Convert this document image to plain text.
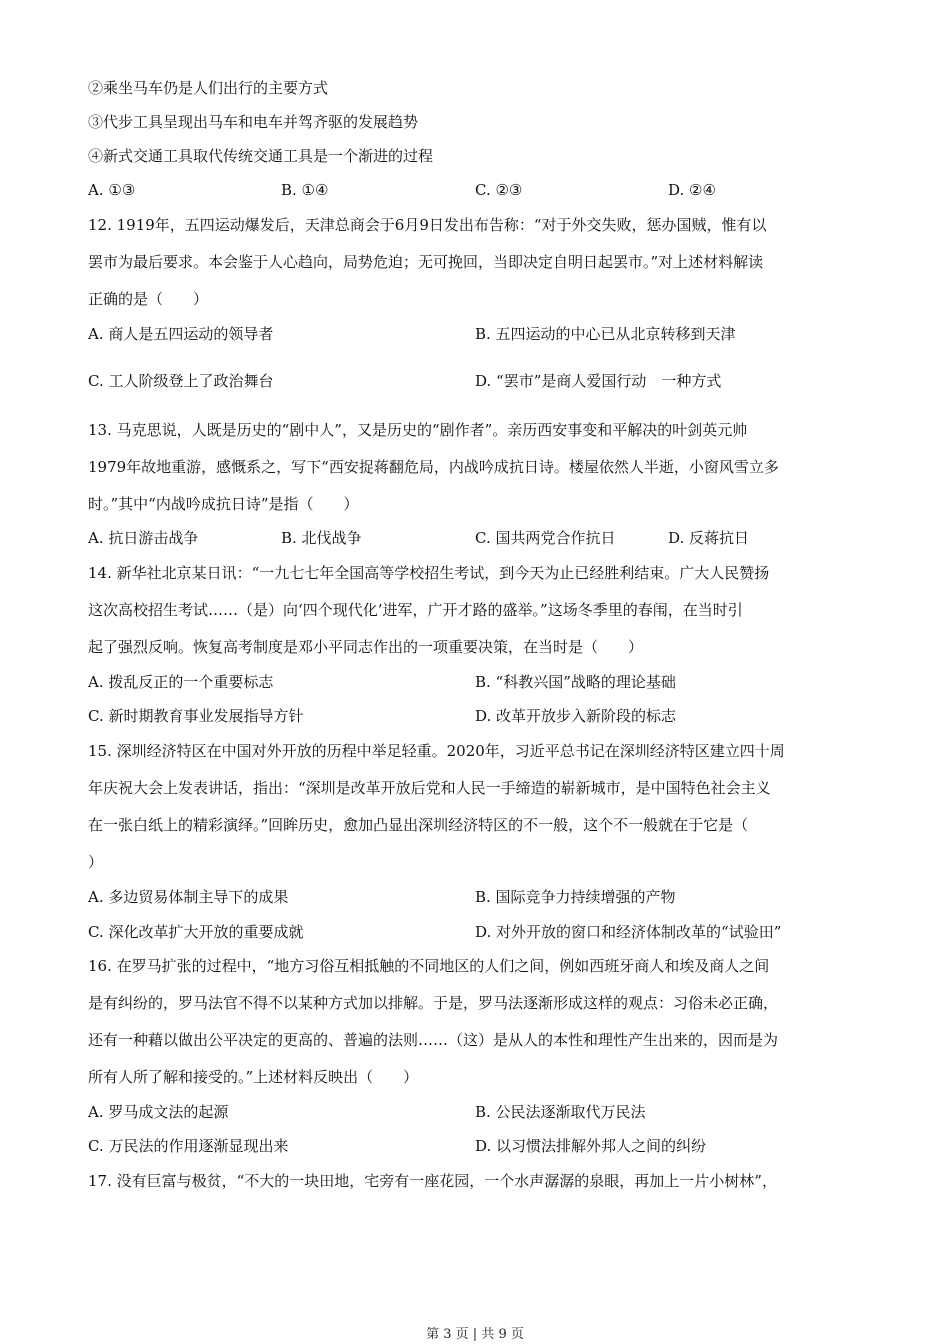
②乘坐马车仍是人们出行的主要方式
③代步工具呈现出马车和电车并驾齐驱的发展趋势
④新式交通工具取代传统交通工具是一个渐进的过程
A. ①③	B. ①④	C. ②③	D. ②④
12. 1919年，五四运动爆发后，天津总商会于6月9日发出布告称：“对于外交失败，惩办国贼，惟有以
罢市为最后要求。本会鉴于人心趋向，局势危迫；无可挽回，当即决定自明日起罢市。”对上述材料解读
正确的是（　　）
A. 商人是五四运动的领导者	B. 五四运动的中心已从北京转移到天津
C. 工人阶级登上了政治舞台	D. “罢市”是商人爱国行动　一种方式
13. 马克思说，人既是历史的“剧中人”，又是历史的“剧作者”。亲历西安事变和平解决的叶剑英元帅
1979年故地重游，感慨系之，写下“西安捉蒋翻危局，内战吟成抗日诗。楼屋依然人半逝，小窗风雪立多
时。”其中“内战吟成抗日诗”是指（　　）
A. 抗日游击战争	B. 北伐战争	C. 国共两党合作抗日	D. 反蒋抗日
14. 新华社北京某日讯：“一九七七年全国高等学校招生考试，到今天为止已经胜利结束。广大人民赞扬
这次高校招生考试……（是）向‘四个现代化’进军，广开才路的盛举。”这场冬季里的春闱，在当时引
起了强烈反响。恢复高考制度是邓小平同志作出的一项重要决策，在当时是（　　）
A. 拨乱反正的一个重要标志	B. “科教兴国”战略的理论基础
C. 新时期教育事业发展指导方针	D. 改革开放步入新阶段的标志
15. 深圳经济特区在中国对外开放的历程中举足轻重。2020年，习近平总书记在深圳经济特区建立四十周
年庆祝大会上发表讲话，指出：“深圳是改革开放后党和人民一手缔造的崭新城市，是中国特色社会主义
在一张白纸上的精彩演绎。”回眸历史，愈加凸显出深圳经济特区的不一般，这个不一般就在于它是（
）
A. 多边贸易体制主导下的成果	B. 国际竞争力持续增强的产物
C. 深化改革扩大开放的重要成就	D. 对外开放的窗口和经济体制改革的“试验田”
16. 在罗马扩张的过程中，“地方习俗互相抵触的不同地区的人们之间，例如西班牙商人和埃及商人之间
是有纠纷的，罗马法官不得不以某种方式加以排解。于是，罗马法逐渐形成这样的观点：习俗未必正确，
还有一种藉以做出公平决定的更高的、普遍的法则……（这）是从人的本性和理性产生出来的，因而是为
所有人所了解和接受的。”上述材料反映出（　　）
A. 罗马成文法的起源	B. 公民法逐渐取代万民法
C. 万民法的作用逐渐显现出来	D. 以习惯法排解外邦人之间的纠纷
17. 没有巨富与极贫，“不大的一块田地，宅旁有一座花园，一个水声潺潺的泉眼，再加上一片小树林”，
第 3 页 | 共 9 页
